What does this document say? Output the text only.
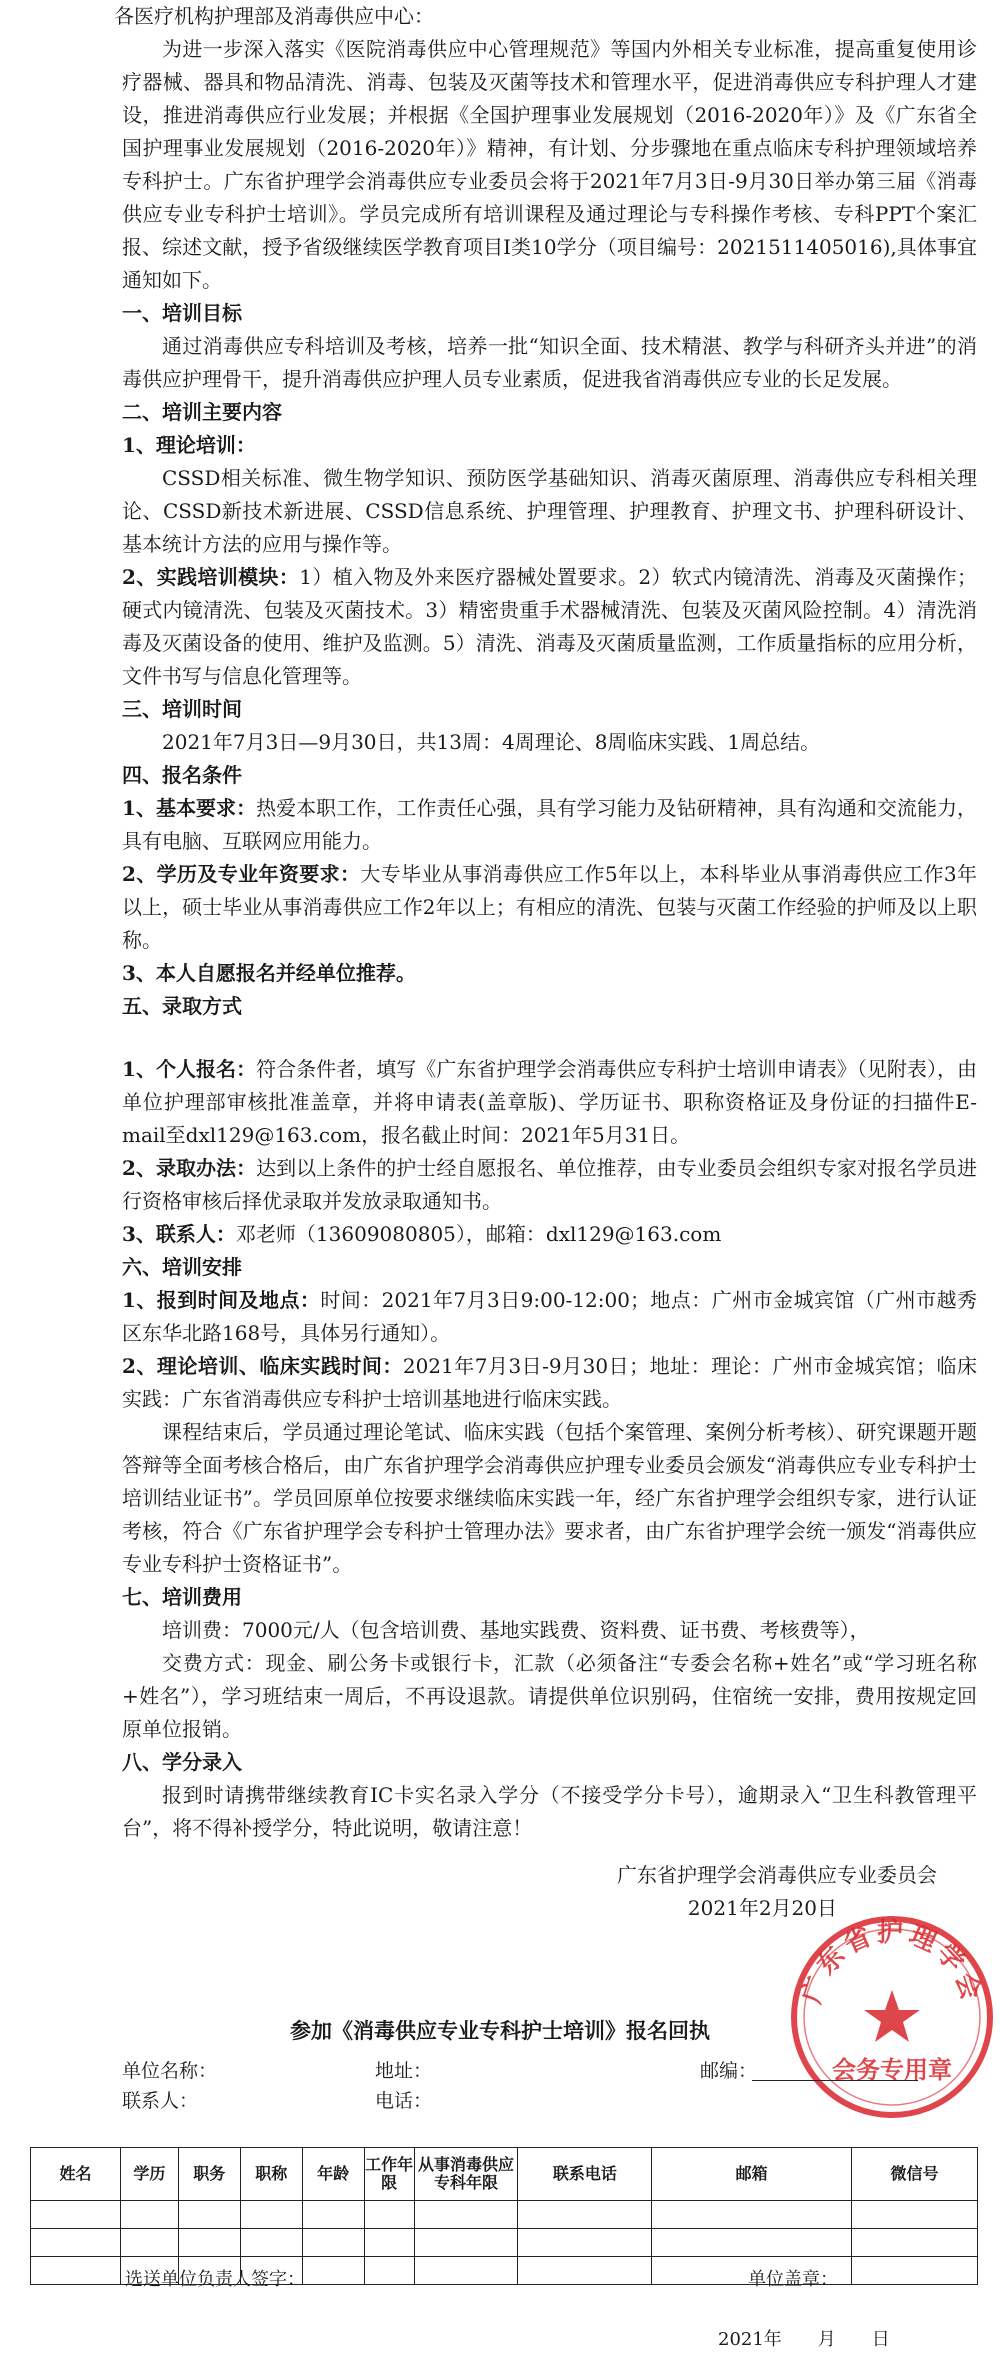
各医疗机构护理部及消毒供应中心：

为进一步深入落实《医院消毒供应中心管理规范》等国内外相关专业标准，提高重复使用诊疗器械、器具和物品清洗、消毒、包装及灭菌等技术和管理水平，促进消毒供应专科护理人才建设，推进消毒供应行业发展；并根据《全国护理事业发展规划（2016-2020年）》及《广东省全国护理事业发展规划（2016-2020年）》精神，有计划、分步骤地在重点临床专科护理领域培养专科护士。广东省护理学会消毒供应专业委员会将于2021年7月3日-9月30日举办第三届《消毒供应专业专科护士培训》。学员完成所有培训课程及通过理论与专科操作考核、专科PPT个案汇报、综述文献，授予省级继续医学教育项目Ⅰ类10学分（项目编号：2021511405016),具体事宜通知如下。

一、培训目标

通过消毒供应专科培训及考核，培养一批“知识全面、技术精湛、教学与科研齐头并进”的消毒供应护理骨干，提升消毒供应护理人员专业素质，促进我省消毒供应专业的长足发展。

二、培训主要内容

1、理论培训：

CSSD相关标准、微生物学知识、预防医学基础知识、消毒灭菌原理、消毒供应专科相关理论、CSSD新技术新进展、CSSD信息系统、护理管理、护理教育、护理文书、护理科研设计、基本统计方法的应用与操作等。

2、实践培训模块：1）植入物及外来医疗器械处置要求。2）软式内镜清洗、消毒及灭菌操作；硬式内镜清洗、包装及灭菌技术。3）精密贵重手术器械清洗、包装及灭菌风险控制。4）清洗消毒及灭菌设备的使用、维护及监测。5）清洗、消毒及灭菌质量监测，工作质量指标的应用分析，文件书写与信息化管理等。

三、培训时间

2021年7月3日—9月30日，共13周：4周理论、8周临床实践、1周总结。

四、报名条件

1、基本要求：热爱本职工作，工作责任心强，具有学习能力及钻研精神，具有沟通和交流能力，具有电脑、互联网应用能力。

2、学历及专业年资要求：大专毕业从事消毒供应工作5年以上，本科毕业从事消毒供应工作3年以上，硕士毕业从事消毒供应工作2年以上；有相应的清洗、包装与灭菌工作经验的护师及以上职称。

3、本人自愿报名并经单位推荐。

五、录取方式

1、个人报名：符合条件者，填写《广东省护理学会消毒供应专科护士培训申请表》（见附表），由单位护理部审核批准盖章，并将申请表(盖章版)、学历证书、职称资格证及身份证的扫描件E-mail至dxl129@163.com，报名截止时间：2021年5月31日。

2、录取办法：达到以上条件的护士经自愿报名、单位推荐，由专业委员会组织专家对报名学员进行资格审核后择优录取并发放录取通知书。

3、联系人：邓老师（13609080805），邮箱：dxl129@163.com

六、培训安排

1、报到时间及地点：时间：2021年7月3日9:00-12:00；地点：广州市金城宾馆（广州市越秀区东华北路168号，具体另行通知）。

2、理论培训、临床实践时间：2021年7月3日-9月30日；地址：理论：广州市金城宾馆；临床实践：广东省消毒供应专科护士培训基地进行临床实践。

课程结束后，学员通过理论笔试、临床实践（包括个案管理、案例分析考核）、研究课题开题答辩等全面考核合格后，由广东省护理学会消毒供应护理专业委员会颁发“消毒供应专业专科护士培训结业证书”。学员回原单位按要求继续临床实践一年，经广东省护理学会组织专家，进行认证考核，符合《广东省护理学会专科护士管理办法》要求者，由广东省护理学会统一颁发“消毒供应专业专科护士资格证书”。

七、培训费用

培训费：7000元/人（包含培训费、基地实践费、资料费、证书费、考核费等），

交费方式：现金、刷公务卡或银行卡，汇款（必须备注“专委会名称+姓名”或“学习班名称+姓名”），学习班结束一周后，不再设退款。请提供单位识别码，住宿统一安排，费用按规定回原单位报销。

八、学分录入

报到时请携带继续教育IC卡实名录入学分（不接受学分卡号），逾期录入“卫生科教管理平台”，将不得补授学分，特此说明，敬请注意！

广东省护理学会消毒供应专业委员会

2021年2月20日

广东省护理学会
会务专用章
参加《消毒供应专业专科护士培训》报名回执
单位名称：	地址：	邮编：
联系人：	电话：
姓名	学历	职务	职称	年龄	工作年限	从事消毒供应专科年限	联系电话	邮箱	微信号

选送单位负责人签字：	单位盖章：
2021年　　月　　日
